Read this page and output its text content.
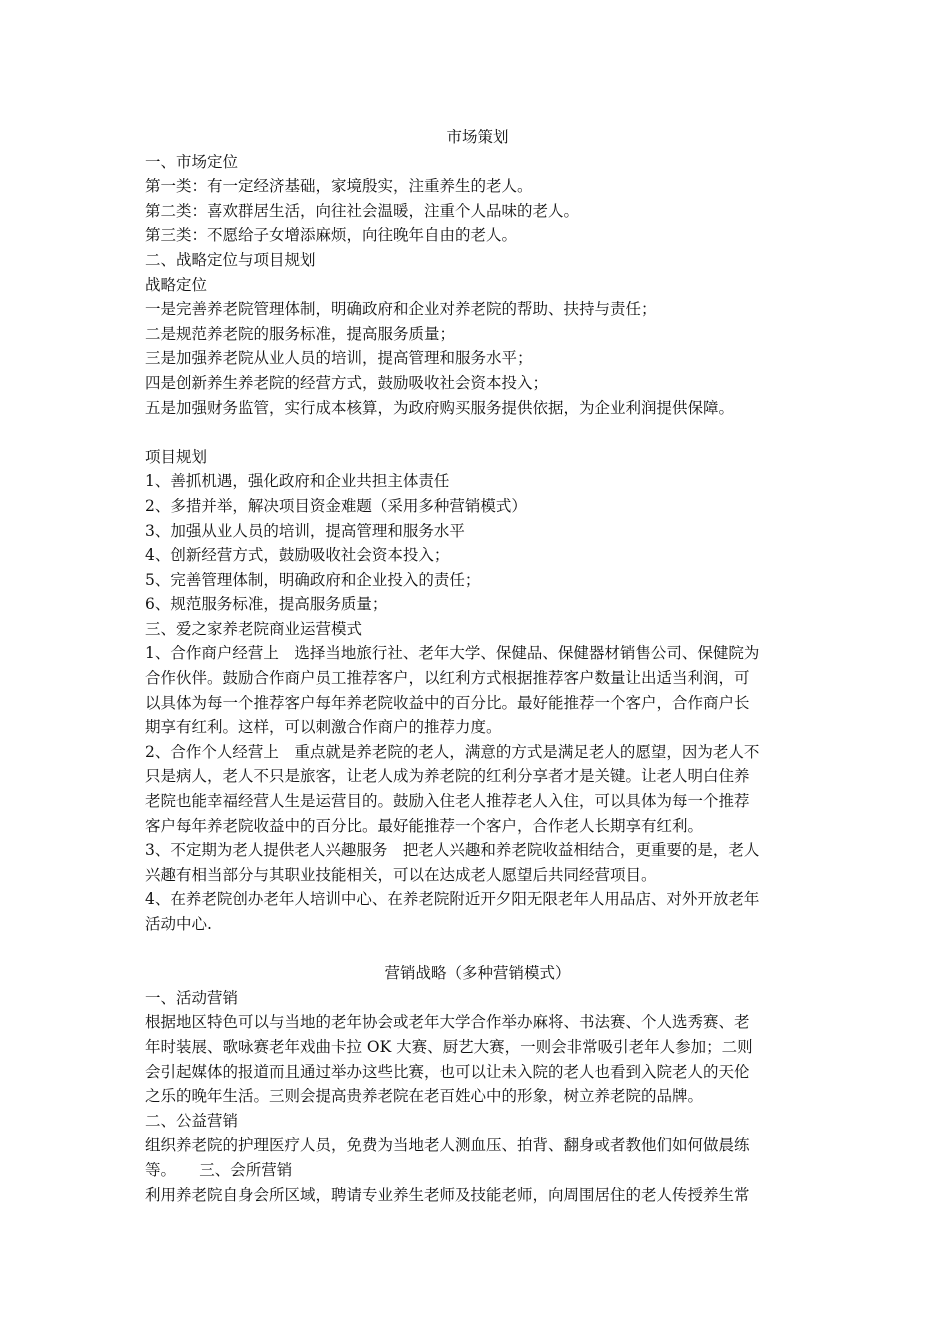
市场策划
一、市场定位
第一类：有一定经济基础，家境殷实，注重养生的老人。
第二类：喜欢群居生活，向往社会温暖，注重个人品味的老人。
第三类：不愿给子女增添麻烦，向往晚年自由的老人。
二、战略定位与项目规划
战略定位
一是完善养老院管理体制，明确政府和企业对养老院的帮助、扶持与责任；
二是规范养老院的服务标准，提高服务质量；
三是加强养老院从业人员的培训，提高管理和服务水平；
四是创新养生养老院的经营方式，鼓励吸收社会资本投入；
五是加强财务监管，实行成本核算，为政府购买服务提供依据，为企业利润提供保障。
项目规划
1、善抓机遇，强化政府和企业共担主体责任
2、多措并举，解决项目资金难题（采用多种营销模式）
3、加强从业人员的培训，提高管理和服务水平
4、创新经营方式，鼓励吸收社会资本投入；
5、完善管理体制，明确政府和企业投入的责任；
6、规范服务标准，提高服务质量；
三、爱之家养老院商业运营模式
1、合作商户经营上　选择当地旅行社、老年大学、保健品、保健器材销售公司、保健院为
合作伙伴。鼓励合作商户员工推荐客户，以红利方式根据推荐客户数量让出适当利润，可
以具体为每一个推荐客户每年养老院收益中的百分比。最好能推荐一个客户，合作商户长
期享有红利。这样，可以刺激合作商户的推荐力度。
2、合作个人经营上　重点就是养老院的老人，满意的方式是满足老人的愿望，因为老人不
只是病人，老人不只是旅客，让老人成为养老院的红利分享者才是关键。让老人明白住养
老院也能幸福经营人生是运营目的。鼓励入住老人推荐老人入住，可以具体为每一个推荐
客户每年养老院收益中的百分比。最好能推荐一个客户，合作老人长期享有红利。
3、不定期为老人提供老人兴趣服务　把老人兴趣和养老院收益相结合，更重要的是，老人
兴趣有相当部分与其职业技能相关，可以在达成老人愿望后共同经营项目。
4、在养老院创办老年人培训中心、在养老院附近开夕阳无限老年人用品店、对外开放老年
活动中心.
营销战略（多种营销模式）
一、活动营销
根据地区特色可以与当地的老年协会或老年大学合作举办麻将、书法赛、个人选秀赛、老
年时装展、歌咏赛老年戏曲卡拉 OK 大赛、厨艺大赛，一则会非常吸引老年人参加；二则
会引起媒体的报道而且通过举办这些比赛，也可以让未入院的老人也看到入院老人的天伦
之乐的晚年生活。三则会提高贵养老院在老百姓心中的形象，树立养老院的品牌。
二、公益营销
组织养老院的护理医疗人员，免费为当地老人测血压、拍背、翻身或者教他们如何做晨练
等。　　三、会所营销
利用养老院自身会所区域，聘请专业养生老师及技能老师，向周围居住的老人传授养生常
